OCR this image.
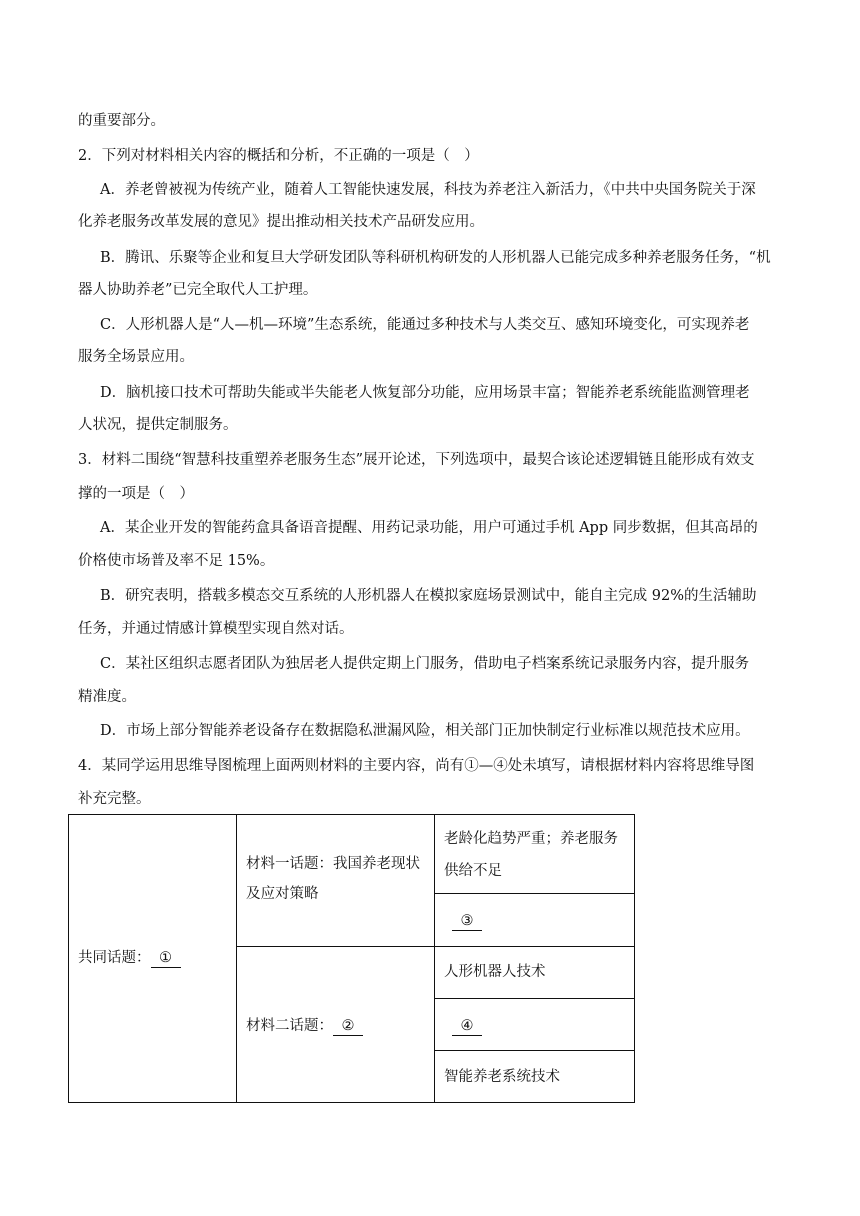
的重要部分。
2．下列对材料相关内容的概括和分析，不正确的一项是（　）
A．养老曾被视为传统产业，随着人工智能快速发展，科技为养老注入新活力，《中共中央国务院关于深
化养老服务改革发展的意见》提出推动相关技术产品研发应用。
B．腾讯、乐聚等企业和复旦大学研发团队等科研机构研发的人形机器人已能完成多种养老服务任务，“机
器人协助养老”已完全取代人工护理。
C．人形机器人是“人—机—环境”生态系统，能通过多种技术与人类交互、感知环境变化，可实现养老
服务全场景应用。
D．脑机接口技术可帮助失能或半失能老人恢复部分功能，应用场景丰富；智能养老系统能监测管理老
人状况，提供定制服务。
3．材料二围绕“智慧科技重塑养老服务生态”展开论述，下列选项中，最契合该论述逻辑链且能形成有效支
撑的一项是（　）
A．某企业开发的智能药盒具备语音提醒、用药记录功能，用户可通过手机 App 同步数据，但其高昂的
价格使市场普及率不足 15%。
B．研究表明，搭载多模态交互系统的人形机器人在模拟家庭场景测试中，能自主完成 92%的生活辅助
任务，并通过情感计算模型实现自然对话。
C．某社区组织志愿者团队为独居老人提供定期上门服务，借助电子档案系统记录服务内容，提升服务
精准度。
D．市场上部分智能养老设备存在数据隐私泄漏风险，相关部门正加快制定行业标准以规范技术应用。
4．某同学运用思维导图梳理上面两则材料的主要内容，尚有①—④处未填写，请根据材料内容将思维导图
补充完整。
共同话题： ①
材料一话题：我国养老现状
及应对策略
材料二话题： ②
老龄化趋势严重；养老服务
供给不足
③
人形机器人技术
④
智能养老系统技术
